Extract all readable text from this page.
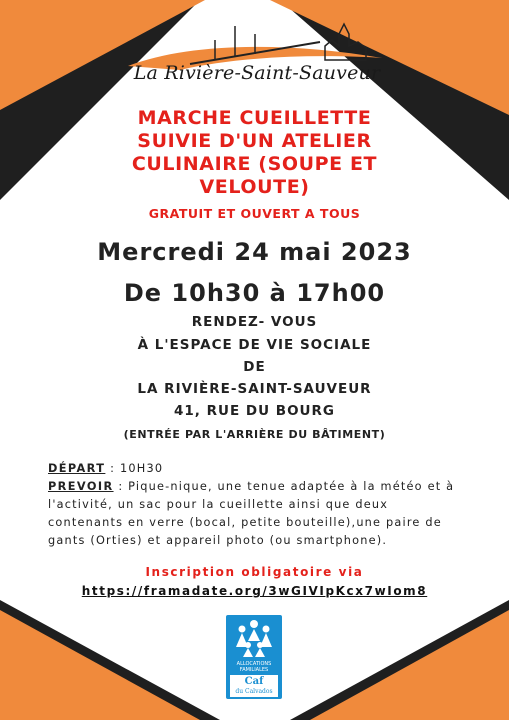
La Rivière-Saint-Sauveur
MARCHE CUEILLETTE
SUIVIE D'UN ATELIER
CULINAIRE (SOUPE ET
VELOUTE)
GRATUIT ET OUVERT A TOUS
Mercredi 24 mai 2023
De 10h30 à 17h00
RENDEZ- VOUS
À L'ESPACE DE VIE SOCIALE
DE
LA RIVIÈRE-SAINT-SAUVEUR
41, RUE DU BOURG
(ENTRÉE PAR L'ARRIÈRE DU BÂTIMENT)
DÉPART : 10H30
PREVOIR : Pique-nique, une tenue adaptée à la météo et à l'activité, un sac pour la cueillette ainsi que deux contenants en verre (bocal, petite bouteille),une paire de gants (Orties) et appareil photo (ou smartphone).
Inscription obligatoire via
https://framadate.org/3wGIVIpKcx7wIom8
ALLOCATIONS FAMILIALES
Caf
du Calvados
